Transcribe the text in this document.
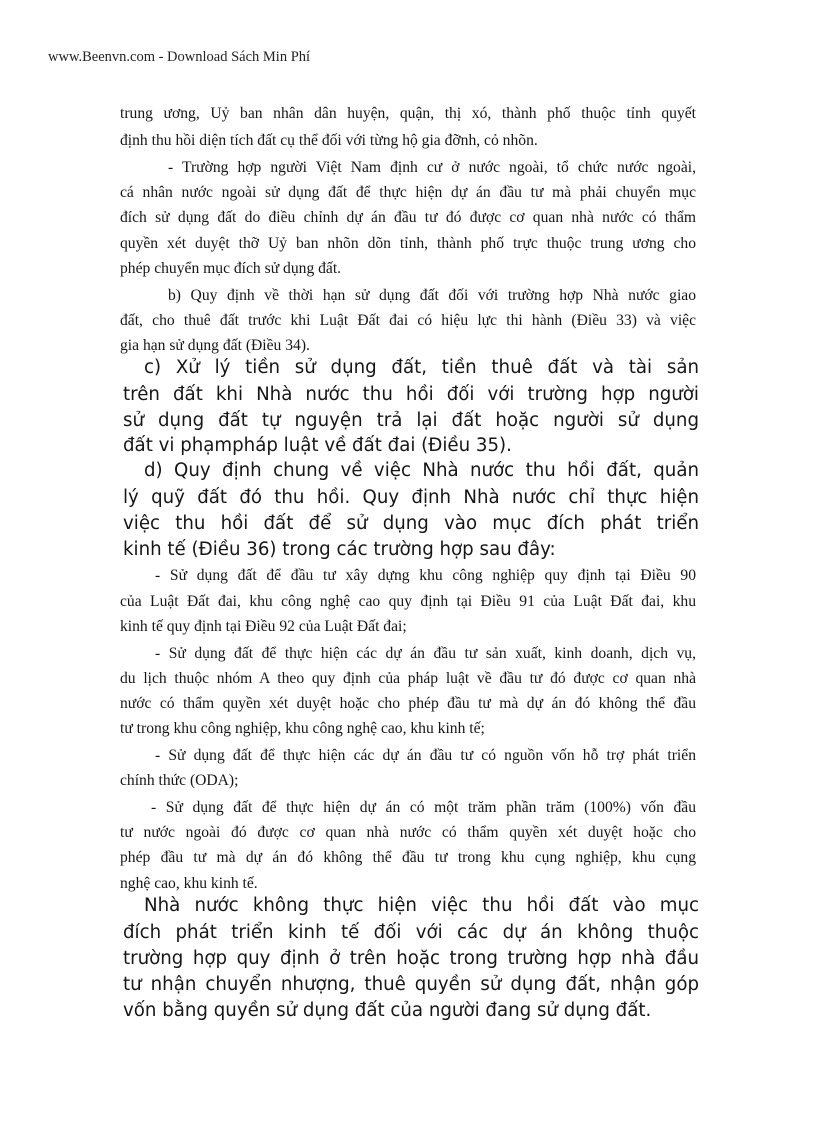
www.Beenvn.com - Download Sách Min Phí
trung ương, Uỷ ban nhân dân huyện, quận, thị xó, thành phố thuộc tỉnh quyết
định thu hồi diện tích đất cụ thể đối với từng hộ gia đỡnh, cỏ nhõn.
- Trường hợp người Việt Nam định cư ở nước ngoài, tổ chức nước ngoài,
cá nhân nước ngoài sử dụng đất để thực hiện dự án đầu tư mà phải chuyển mục
đích sử dụng đất do điều chỉnh dự án đầu tư đó được cơ quan nhà nước có thẩm
quyền xét duyệt thỡ Uỷ ban nhõn dõn tỉnh, thành phố trực thuộc trung ương cho
phép chuyển mục đích sử dụng đất.
b) Quy định về thời hạn sử dụng đất đối với trường hợp Nhà nước giao
đất, cho thuê đất trước khi Luật Đất đai có hiệu lực thi hành (Điều 33) và việc
gia hạn sử dụng đất (Điều 34).
c) Xử lý tiền sử dụng đất, tiền thuê đất và tài sản
trên đất khi Nhà nước thu hồi đối với trường hợp người
sử dụng đất tự nguyện trả lại đất hoặc người sử dụng
đất vi phạmpháp luật về đất đai (Điều 35).
d) Quy định chung về việc Nhà nước thu hồi đất, quản
lý quỹ đất đó thu hồi. Quy định Nhà nước chỉ thực hiện
việc thu hồi đất để sử dụng vào mục đích phát triển
kinh tế (Điều 36) trong các trường hợp sau đây:
- Sử dụng đất để đầu tư xây dựng khu công nghiệp quy định tại Điều 90
của Luật Đất đai, khu công nghệ cao quy định tại Điều 91 của Luật Đất đai, khu
kinh tế quy định tại Điều 92 của Luật Đất đai;
- Sử dụng đất để thực hiện các dự án đầu tư sản xuất, kinh doanh, dịch vụ,
du lịch thuộc nhóm A theo quy định của pháp luật về đầu tư đó được cơ quan nhà
nước có thẩm quyền xét duyệt hoặc cho phép đầu tư mà dự án đó không thể đầu
tư trong khu công nghiệp, khu công nghệ cao, khu kinh tế;
- Sử dụng đất để thực hiện các dự án đầu tư có nguồn vốn hỗ trợ phát triển
chính thức (ODA);
- Sử dụng đất để thực hiện dự án có một trăm phần trăm (100%) vốn đầu
tư nước ngoài đó được cơ quan nhà nước có thẩm quyền xét duyệt hoặc cho
phép đầu tư mà dự án đó không thể đầu tư trong khu cụng nghiệp, khu cụng
nghệ cao, khu kinh tế.
Nhà nước không thực hiện việc thu hồi đất vào mục
đích phát triển kinh tế đối với các dự án không thuộc
trường hợp quy định ở trên hoặc trong trường hợp nhà đầu
tư nhận chuyển nhượng, thuê quyền sử dụng đất, nhận góp
vốn bằng quyền sử dụng đất của người đang sử dụng đất.
